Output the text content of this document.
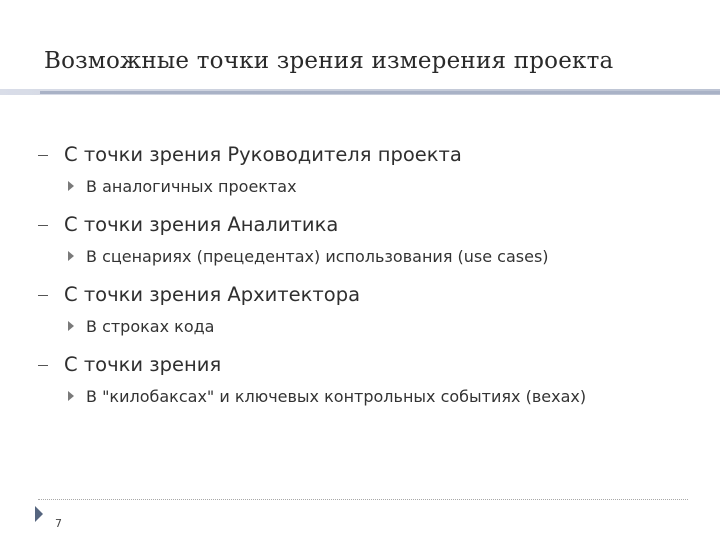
Возможные точки зрения измерения проекта
С точки зрения Руководителя проекта
В аналогичных проектах
С точки зрения Аналитика
В сценариях (прецедентах) использования (use cases)
С точки зрения Архитектора
В строках кода
С точки зрения
В "килобаксах" и ключевых контрольных событиях (вехах)
7
